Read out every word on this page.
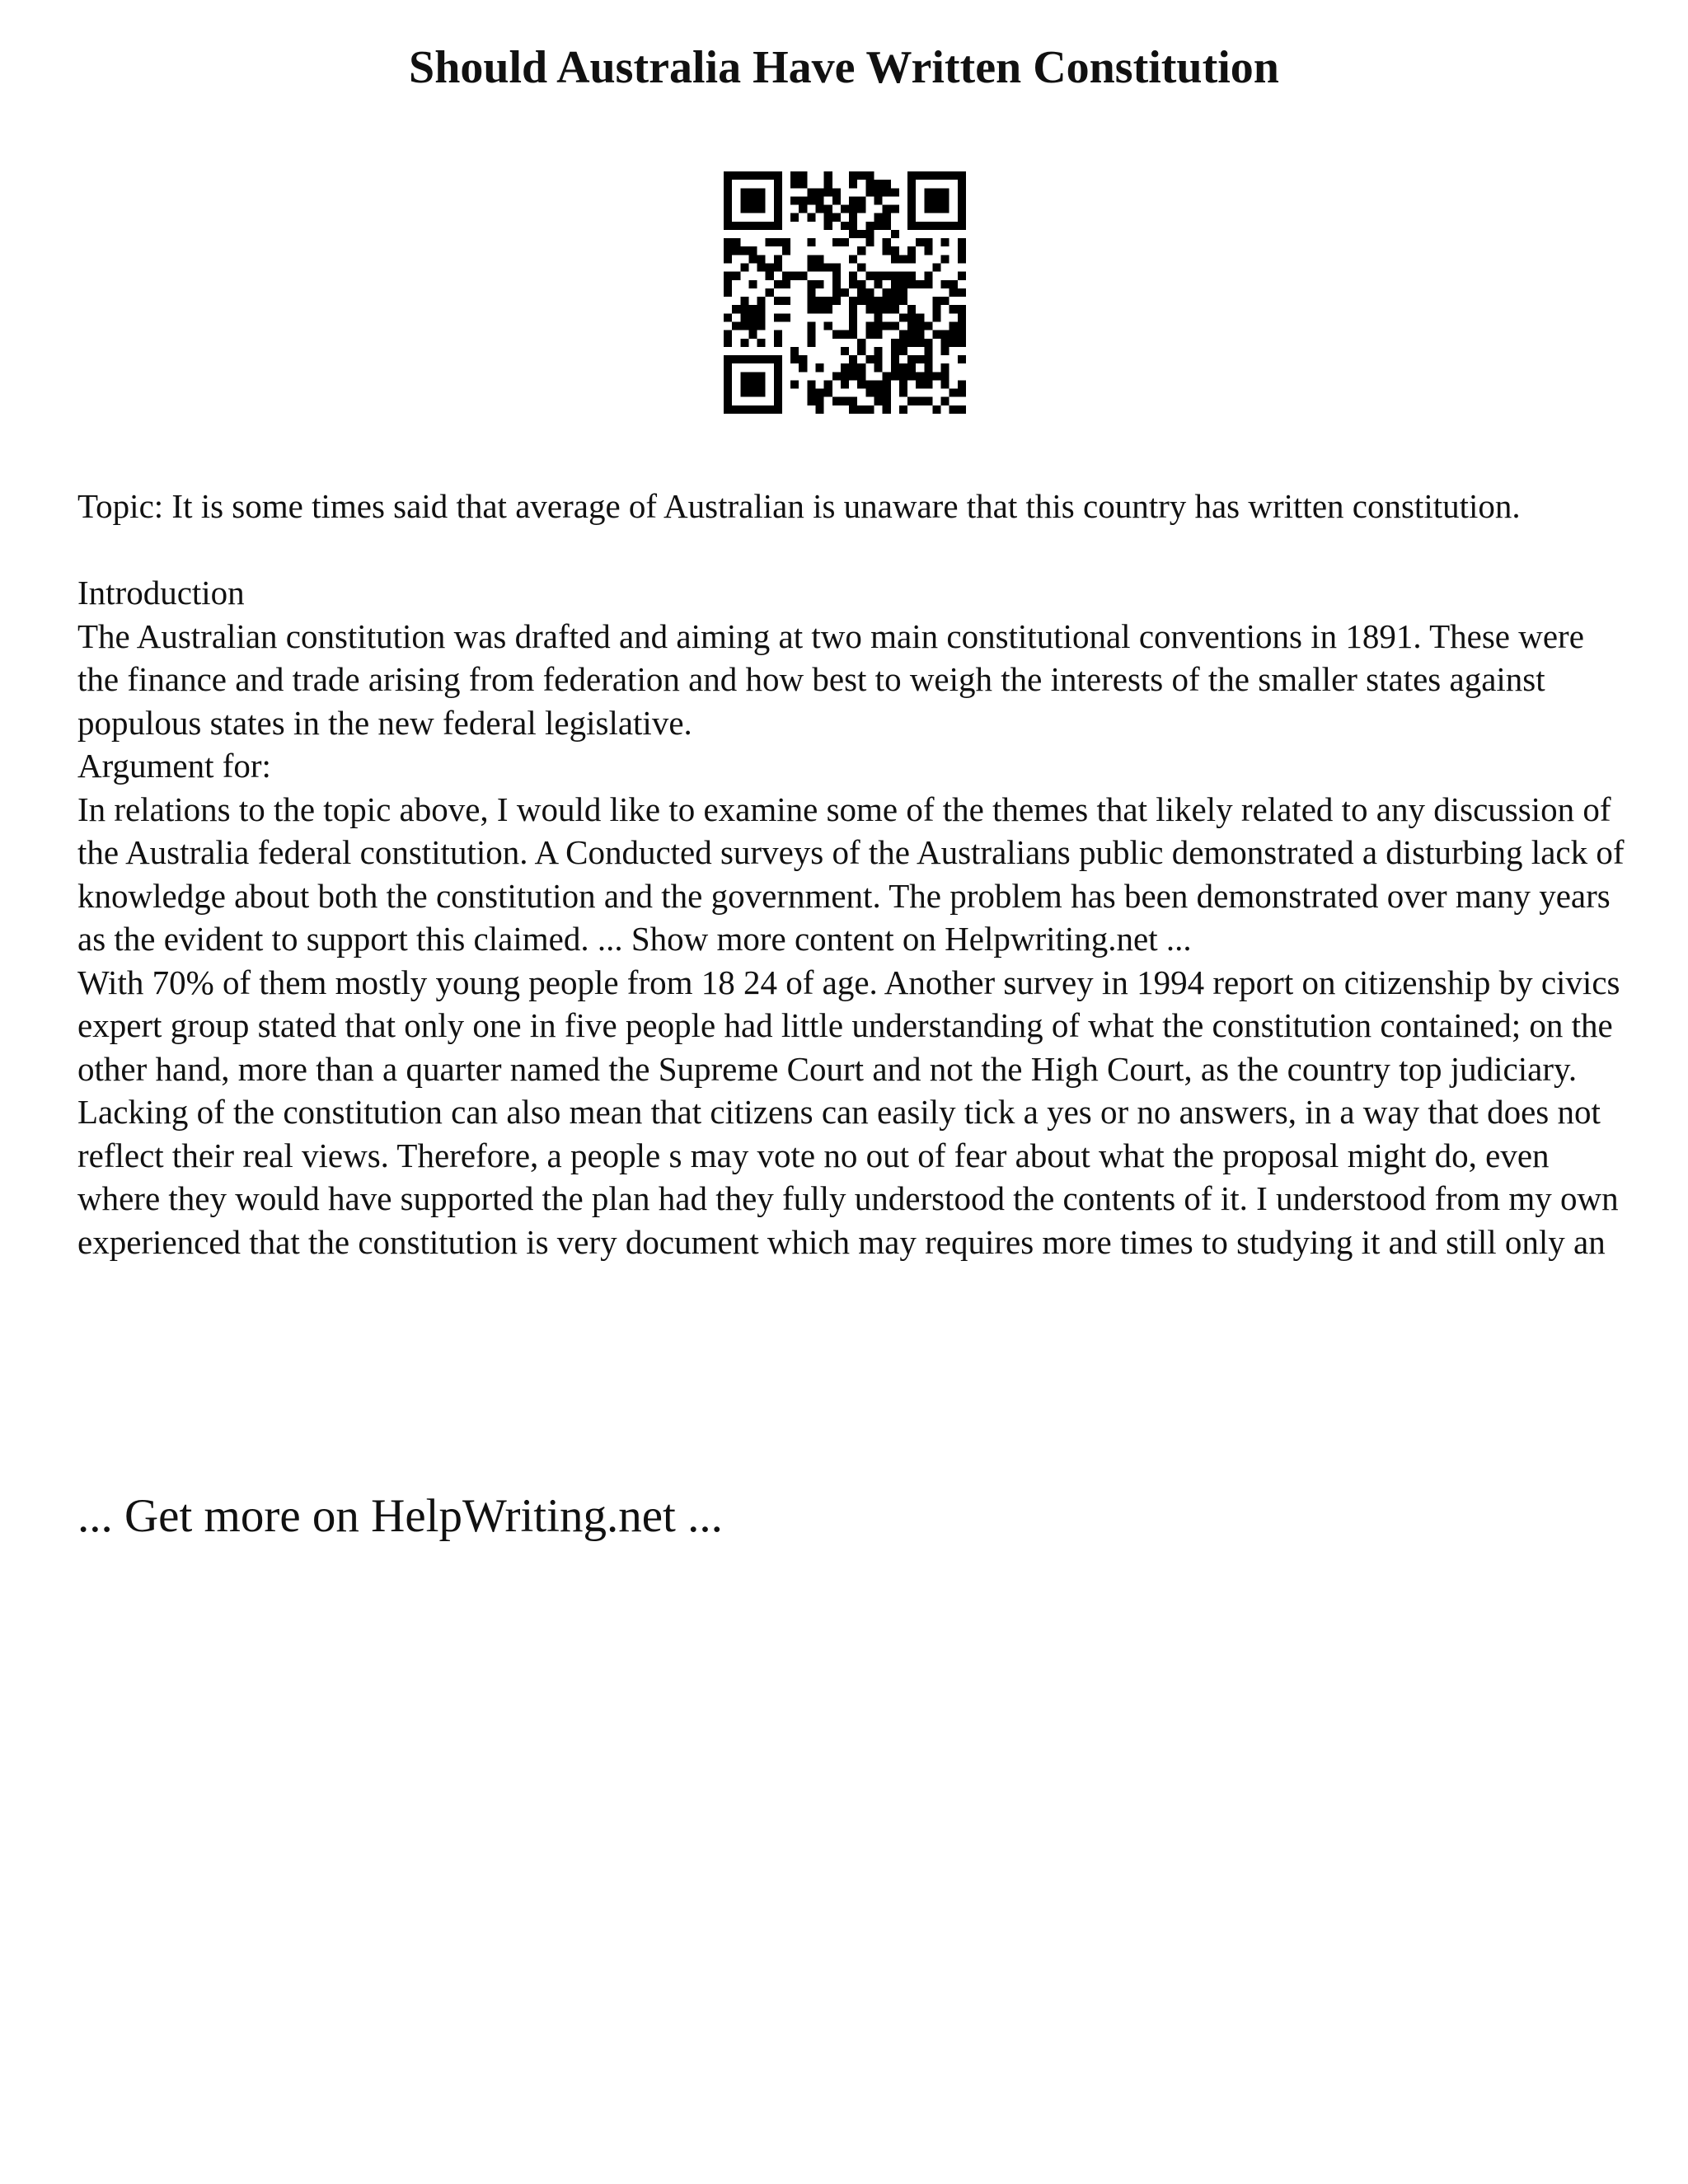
Should Australia Have Written Constitution

Topic: It is some times said that average of Australian is unaware that this country has written constitution.

Introduction

The Australian constitution was drafted and aiming at two main constitutional conventions in 1891. These were the finance and trade arising from federation and how best to weigh the interests of the smaller states against populous states in the new federal legislative.

Argument for:

In relations to the topic above, I would like to examine some of the themes that likely related to any discussion of the Australia federal constitution. A Conducted surveys of the Australians public demonstrated a disturbing lack of knowledge about both the constitution and the government. The problem has been demonstrated over many years as the evident to support this claimed. ... Show more content on Helpwriting.net ...

With 70% of them mostly young people from 18 24 of age. Another survey in 1994 report on citizenship by civics expert group stated that only one in five people had little understanding of what the constitution contained; on the other hand, more than a quarter named the Supreme Court and not the High Court, as the country top judiciary.

Lacking of the constitution can also mean that citizens can easily tick a yes or no answers, in a way that does not reflect their real views. Therefore, a people s may vote no out of fear about what the proposal might do, even where they would have supported the plan had they fully understood the contents of it. I understood from my own experienced that the constitution is very document which may requires more times to studying it and still only an

... Get more on HelpWriting.net ...
